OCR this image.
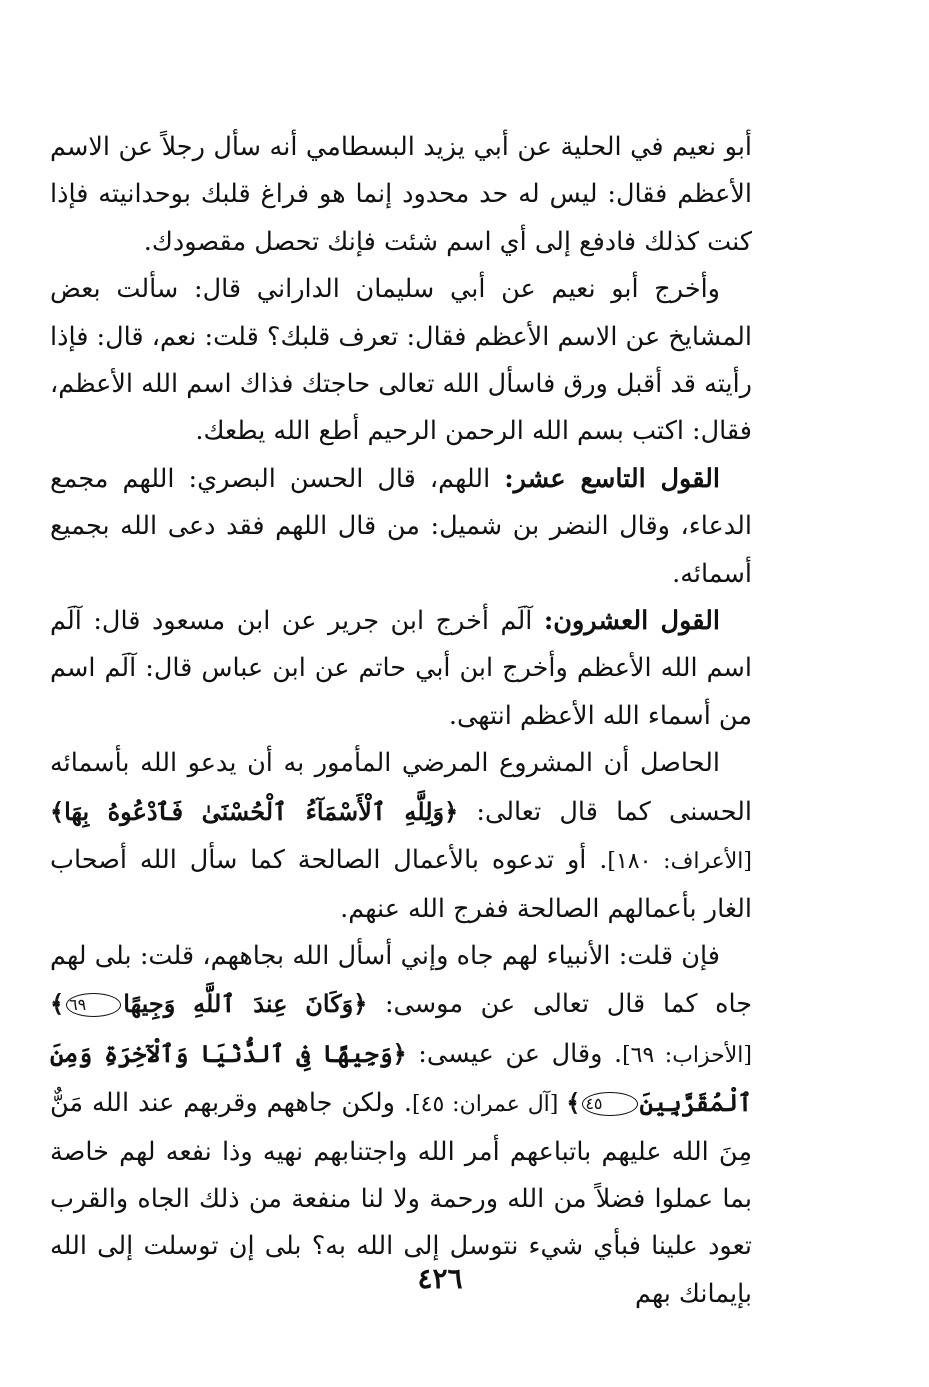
أبو نعيم في الحلية عن أبي يزيد البسطامي أنه سأل رجلاً عن الاسم الأعظم فقال: ليس له حد محدود إنما هو فراغ قلبك بوحدانيته فإذا كنت كذلك فادفع إلى أي اسم شئت فإنك تحصل مقصودك.

وأخرج أبو نعيم عن أبي سليمان الداراني قال: سألت بعض المشايخ عن الاسم الأعظم فقال: تعرف قلبك؟ قلت: نعم، قال: فإذا رأيته قد أقبل ورق فاسأل الله تعالى حاجتك فذاك اسم الله الأعظم، فقال: اكتب بسم الله الرحمن الرحيم أطع الله يطعك.

القول التاسع عشر: اللهم، قال الحسن البصري: اللهم مجمع الدعاء، وقال النضر بن شميل: من قال اللهم فقد دعى الله بجميع أسمائه.

القول العشرون: آلَم أخرج ابن جرير عن ابن مسعود قال: آلَم اسم الله الأعظم وأخرج ابن أبي حاتم عن ابن عباس قال: آلَم اسم من أسماء الله الأعظم انتهى.

الحاصل أن المشروع المرضي المأمور به أن يدعو الله بأسمائه الحسنى كما قال تعالى: ﴿وَلِلَّهِ ٱلْأَسْمَآءُ ٱلْحُسْنَىٰ فَٱدْعُوهُ بِهَا﴾ [الأعراف: ١٨٠]. أو تدعوه بالأعمال الصالحة كما سأل الله أصحاب الغار بأعمالهم الصالحة ففرج الله عنهم.

فإن قلت: الأنبياء لهم جاه وإني أسأل الله بجاههم، قلت: بلى لهم جاه كما قال تعالى عن موسى: ﴿وَكَانَ عِندَ ٱللَّهِ وَجِيهًا٦٩﴾ [الأحزاب: ٦٩]. وقال عن عيسى: ﴿وَجِيهًا فِى ٱلدُّنْيَا وَٱلْآخِرَةِ وَمِنَ ٱلْمُقَرَّبِينَ٤٥﴾ [آل عمران: ٤٥]. ولكن جاههم وقربهم عند الله مَنٌّ مِنَ الله عليهم باتباعهم أمر الله واجتنابهم نهيه وذا نفعه لهم خاصة بما عملوا فضلاً من الله ورحمة ولا لنا منفعة من ذلك الجاه والقرب تعود علينا فبأي شيء نتوسل إلى الله به؟ بلى إن توسلت إلى الله بإيمانك بهم

٤٢٦
